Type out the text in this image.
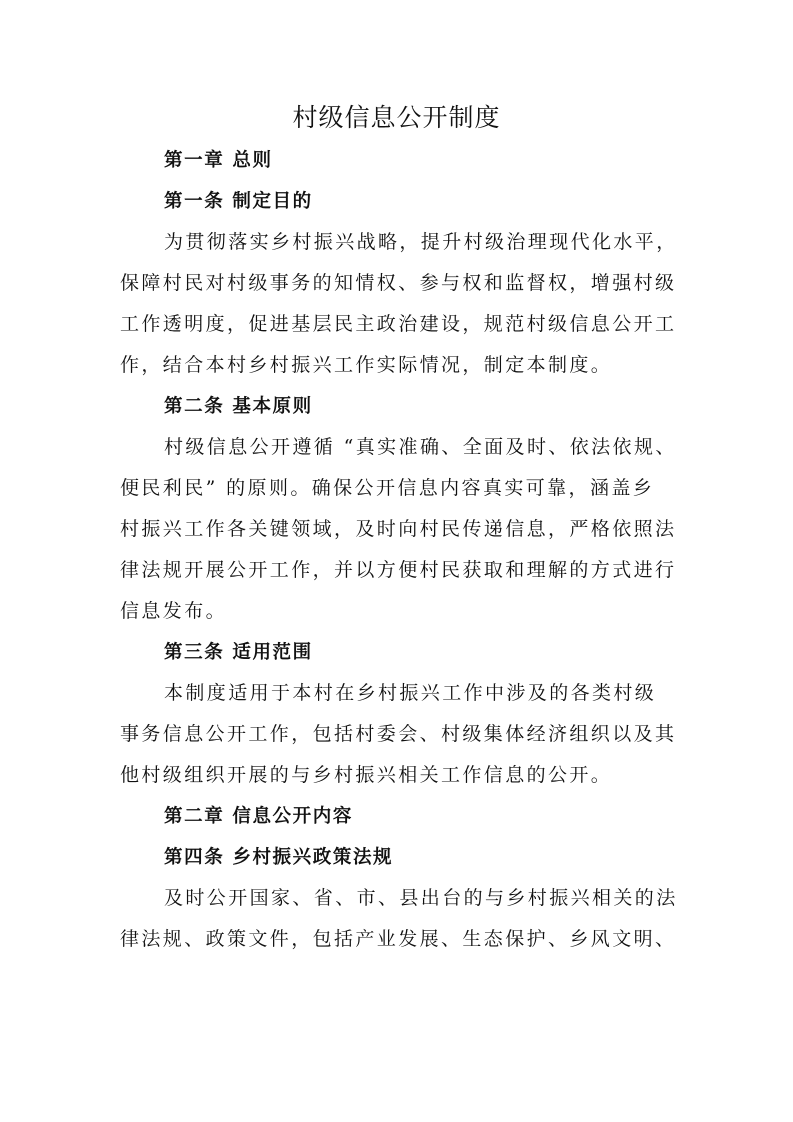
村级信息公开制度
第一章 总则
第一条 制定目的
为贯彻落实乡村振兴战略，提升村级治理现代化水平，
保障村民对村级事务的知情权、参与权和监督权，增强村级
工作透明度，促进基层民主政治建设，规范村级信息公开工
作，结合本村乡村振兴工作实际情况，制定本制度。
第二条 基本原则
村级信息公开遵循 “真实准确、全面及时、依法依规、
便民利民” 的原则。确保公开信息内容真实可靠，涵盖乡
村振兴工作各关键领域，及时向村民传递信息，严格依照法
律法规开展公开工作，并以方便村民获取和理解的方式进行
信息发布。
第三条 适用范围
本制度适用于本村在乡村振兴工作中涉及的各类村级
事务信息公开工作，包括村委会、村级集体经济组织以及其
他村级组织开展的与乡村振兴相关工作信息的公开。
第二章 信息公开内容
第四条 乡村振兴政策法规
及时公开国家、省、市、县出台的与乡村振兴相关的法
律法规、政策文件，包括产业发展、生态保护、乡风文明、
